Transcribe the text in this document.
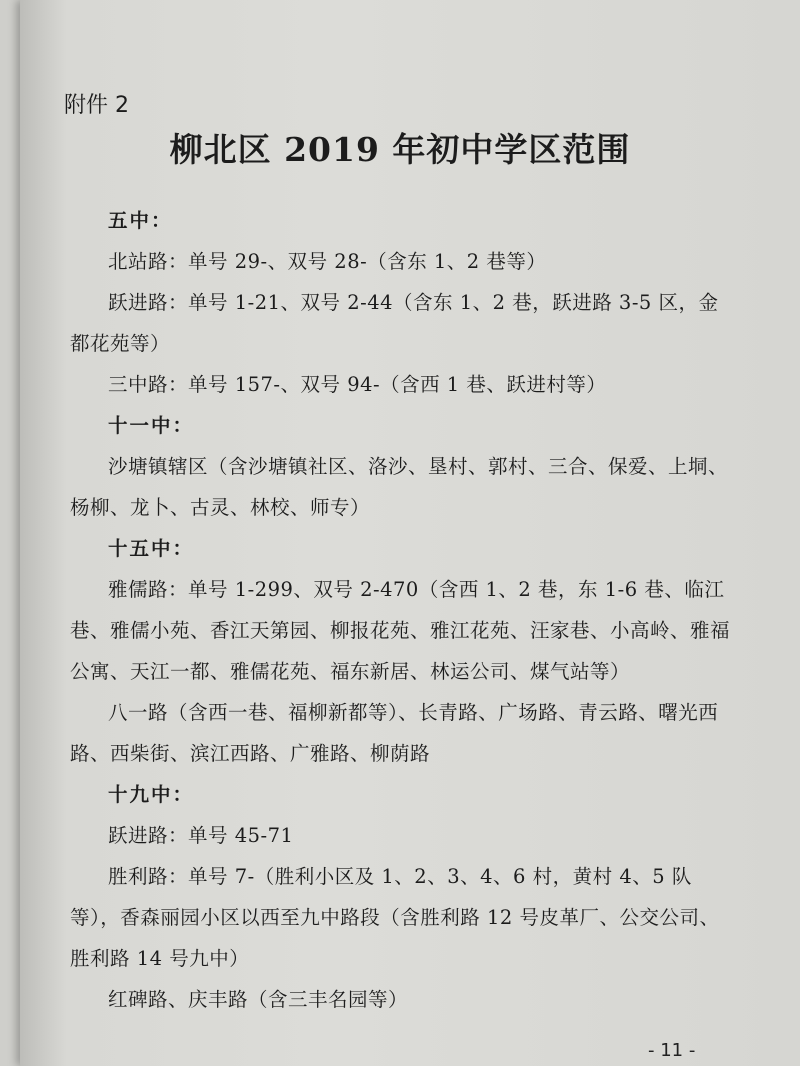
附件 2
柳北区 2019 年初中学区范围
五中：

北站路：单号 29-、双号 28-（含东 1、2 巷等）

跃进路：单号 1-21、双号 2-44（含东 1、2 巷，跃进路 3-5 区，金都花苑等）

三中路：单号 157-、双号 94-（含西 1 巷、跃进村等）

十一中：

沙塘镇辖区（含沙塘镇社区、洛沙、垦村、郭村、三合、保爱、上垌、杨柳、龙卜、古灵、林校、师专）

十五中：

雅儒路：单号 1-299、双号 2-470（含西 1、2 巷，东 1-6 巷、临江巷、雅儒小苑、香江天第园、柳报花苑、雅江花苑、汪家巷、小高岭、雅福公寓、天江一都、雅儒花苑、福东新居、林运公司、煤气站等）

八一路（含西一巷、福柳新都等）、长青路、广场路、青云路、曙光西路、西柴街、滨江西路、广雅路、柳荫路

十九中：

跃进路：单号 45-71

胜利路：单号 7-（胜利小区及 1、2、3、4、6 村，黄村 4、5 队等），香森丽园小区以西至九中路段（含胜利路 12 号皮革厂、公交公司、胜利路 14 号九中）

红碑路、庆丰路（含三丰名园等）

- 11 -
